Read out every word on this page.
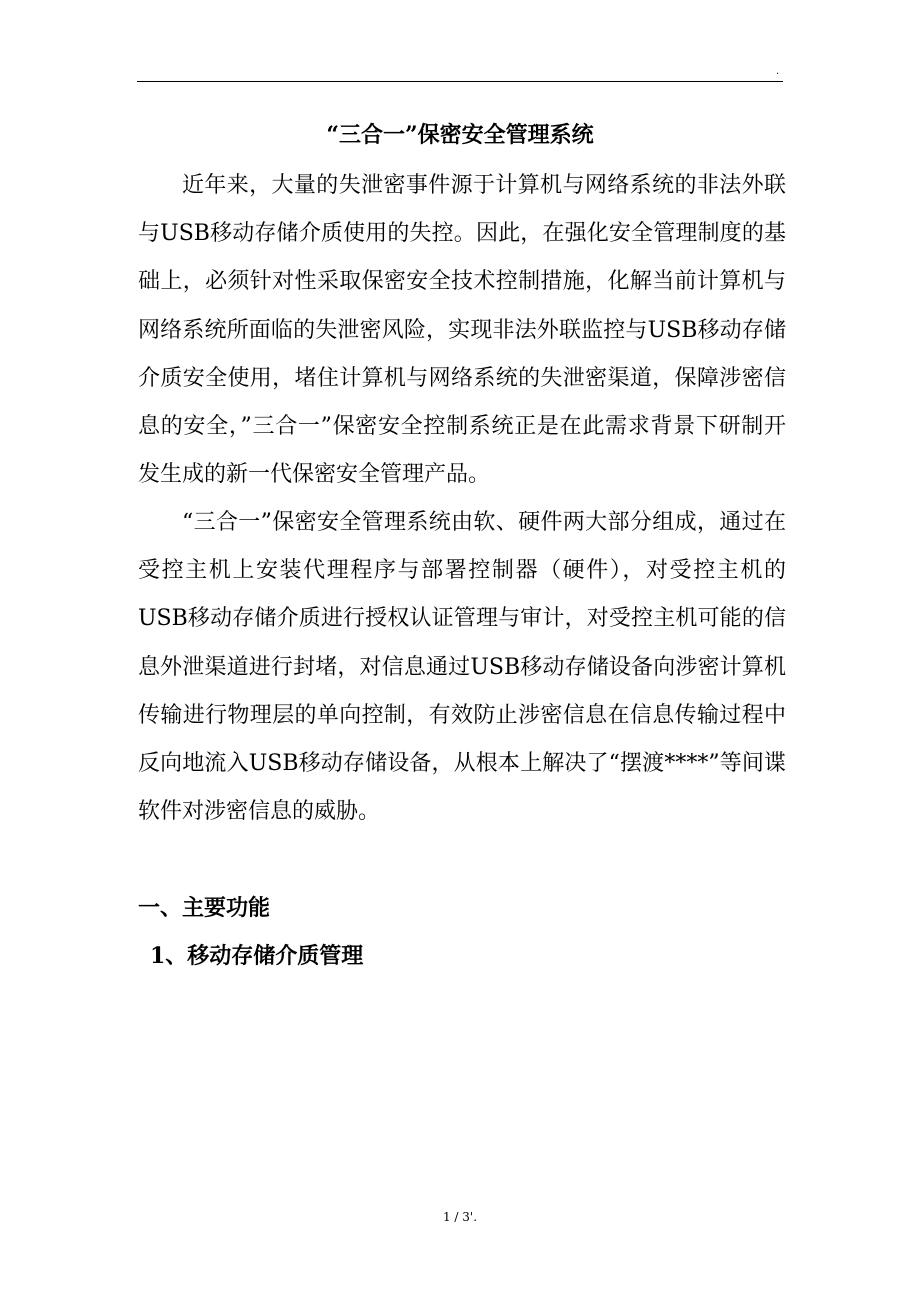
.
“三合一”保密安全管理系统

近年来，大量的失泄密事件源于计算机与网络系统的非法外联与USB移动存储介质使用的失控。因此，在强化安全管理制度的基础上，必须针对性采取保密安全技术控制措施，化解当前计算机与网络系统所面临的失泄密风险，实现非法外联监控与USB移动存储介质安全使用，堵住计算机与网络系统的失泄密渠道，保障涉密信息的安全，”三合一”保密安全控制系统正是在此需求背景下研制开发生成的新一代保密安全管理产品。

“三合一”保密安全管理系统由软、硬件两大部分组成，通过在受控主机上安装代理程序与部署控制器（硬件），对受控主机的USB移动存储介质进行授权认证管理与审计，对受控主机可能的信息外泄渠道进行封堵，对信息通过USB移动存储设备向涉密计算机传输进行物理层的单向控制，有效防止涉密信息在信息传输过程中反向地流入USB移动存储设备，从根本上解决了“摆渡****”等间谍软件对涉密信息的威胁。

一、主要功能
1、移动存储介质管理
1 / 3'.
